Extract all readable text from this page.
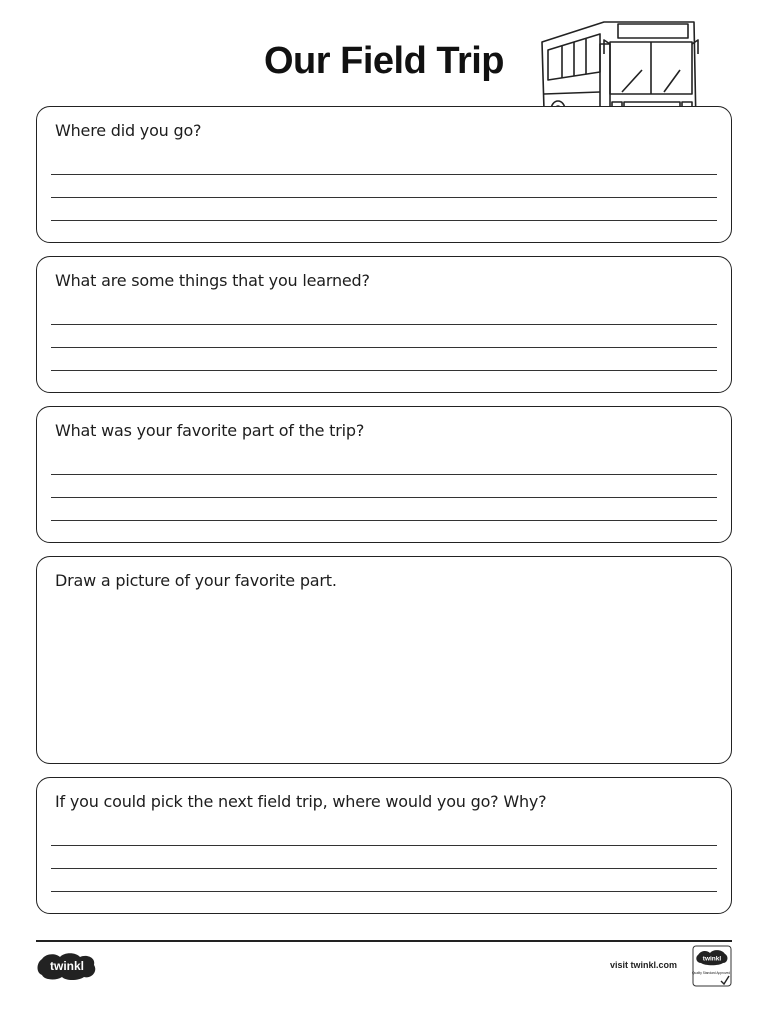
Our Field Trip
Where did you go?
What are some things that you learned?
What was your favorite part of the trip?
Draw a picture of your favorite part.
If you could pick the next field trip, where would you go? Why?
twinkl	visit twinkl.com
twinkl
Quality Standard Approved
